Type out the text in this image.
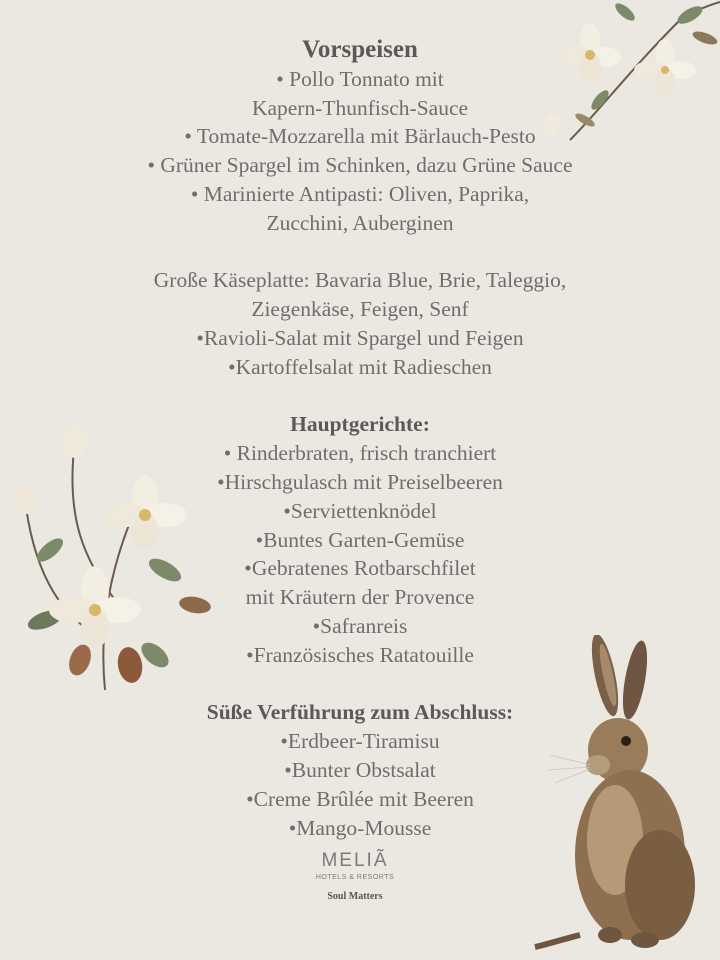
Vorspeisen
• Pollo Tonnato mit
Kapern-Thunfisch-Sauce
• Tomate-Mozzarella mit Bärlauch-Pesto
• Grüner Spargel im Schinken, dazu Grüne Sauce
• Marinierte Antipasti: Oliven, Paprika,
Zucchini, Auberginen
Große Käseplatte: Bavaria Blue, Brie, Taleggio,
Ziegenkäse, Feigen, Senf
•Ravioli-Salat mit Spargel und Feigen
•Kartoffelsalat mit Radieschen
Hauptgerichte:
• Rinderbraten, frisch tranchiert
•Hirschgulasch mit Preiselbeeren
•Serviettenknödel
•Buntes Garten-Gemüse
•Gebratenes Rotbarschfilet
mit Kräutern der Provence
•Safranreis
•Französisches Ratatouille
Süße Verführung zum Abschluss:
•Erdbeer-Tiramisu
•Bunter Obstsalat
•Creme Brûlée mit Beeren
•Mango-Mousse
MELIÃ
HOTELS & RESORTS
Soul Matters
